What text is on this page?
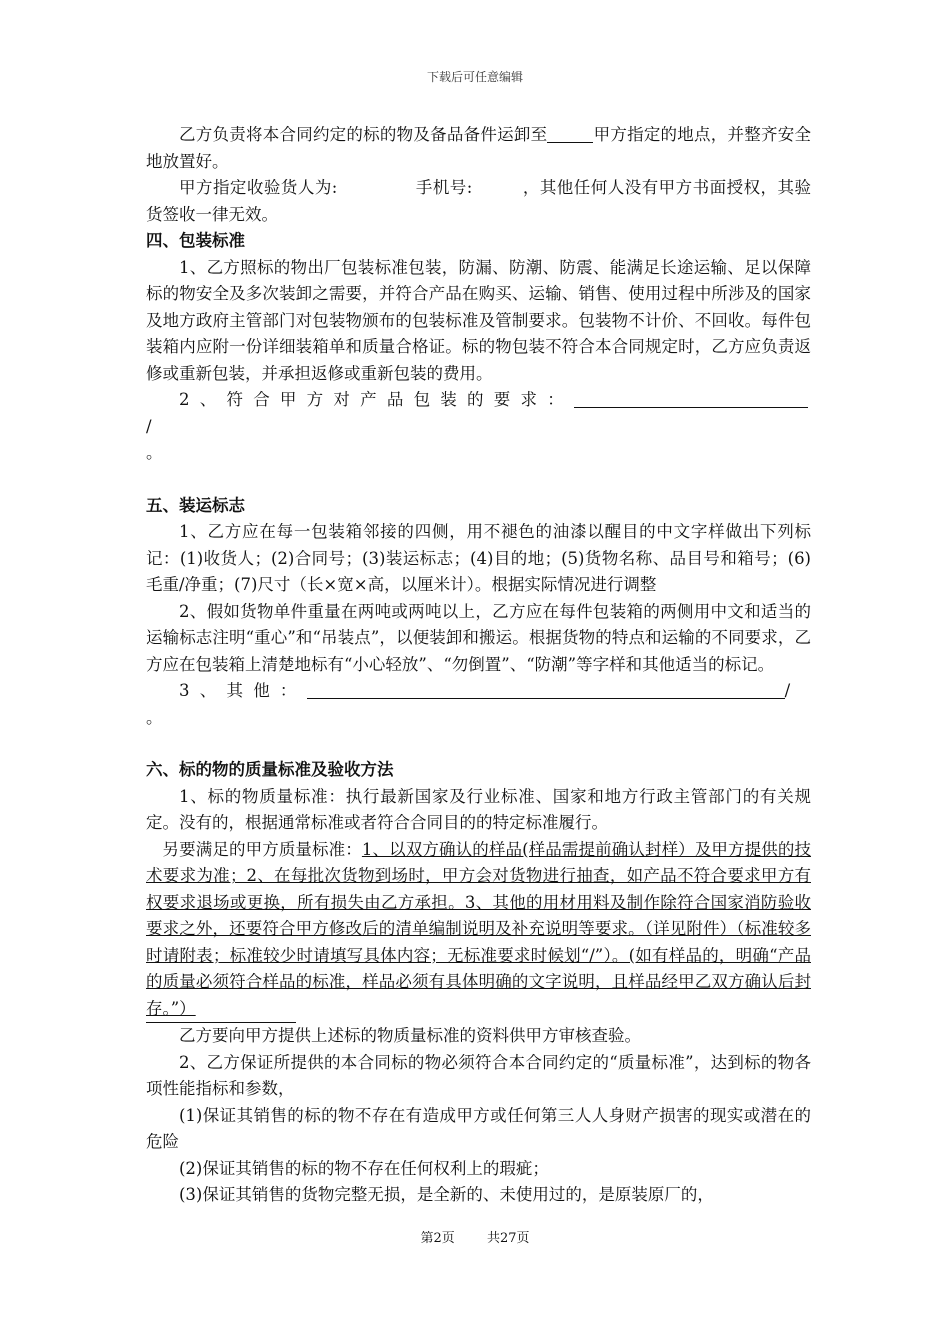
下载后可任意编辑

乙方负责将本合同约定的标的物及备品备件运卸至	甲方指定的地点，并整齐安全地放置好。

甲方指定收验货人为:	手机号:	，其他任何人没有甲方书面授权，其验货签收一律无效。

四、包装标准

1、乙方照标的物出厂包装标准包装，防漏、防潮、防震、能满足长途运输、足以保障标的物安全及多次装卸之需要，并符合产品在购买、运输、销售、使用过程中所涉及的国家及地方政府主管部门对包装物颁布的包装标准及管制要求。包装物不计价、不回收。每件包装箱内应附一份详细装箱单和质量合格证。标的物包装不符合本合同规定时，乙方应负责返修或重新包装，并承担返修或重新包装的费用。

2、符合甲方对产品包装的要求：/

。

五、装运标志

1、乙方应在每一包装箱邻接的四侧，用不褪色的油漆以醒目的中文字样做出下列标记：(1)收货人；(2)合同号；(3)装运标志；(4)目的地；(5)货物名称、品目号和箱号；(6)毛重/净重；(7)尺寸（长×宽×高，以厘米计）。根据实际情况进行调整

2、假如货物单件重量在两吨或两吨以上，乙方应在每件包装箱的两侧用中文和适当的运输标志注明“重心”和“吊装点”，以便装卸和搬运。根据货物的特点和运输的不同要求，乙方应在包装箱上清楚地标有“小心轻放”、“勿倒置”、“防潮”等字样和其他适当的标记。

3、其他：	/

。

六、标的物的质量标准及验收方法

1、标的物质量标准：执行最新国家及行业标准、国家和地方行政主管部门的有关规定。没有的，根据通常标准或者符合合同目的的特定标准履行。

另要满足的甲方质量标准：1、以双方确认的样品(样品需提前确认封样）及甲方提供的技术要求为准；2、在每批次货物到场时，甲方会对货物进行抽查，如产品不符合要求甲方有权要求退场或更换，所有损失由乙方承担。3、其他的用材用料及制作除符合国家消防验收要求之外，还要符合甲方修改后的清单编制说明及补充说明等要求。（详见附件）（标准较多时请附表；标准较少时请填写具体内容；无标准要求时候划“/”）。(如有样品的，明确“产品的质量必须符合样品的标准，样品必须有具体明确的文字说明，且样品经甲乙双方确认后封存。”）

乙方要向甲方提供上述标的物质量标准的资料供甲方审核查验。

2、乙方保证所提供的本合同标的物必须符合本合同约定的“质量标准”，达到标的物各项性能指标和参数，

(1)保证其销售的标的物不存在有造成甲方或任何第三人人身财产损害的现实或潜在的危险

(2)保证其销售的标的物不存在任何权利上的瑕疵；

(3)保证其销售的货物完整无损，是全新的、未使用过的，是原装原厂的，

第2页 共27页
